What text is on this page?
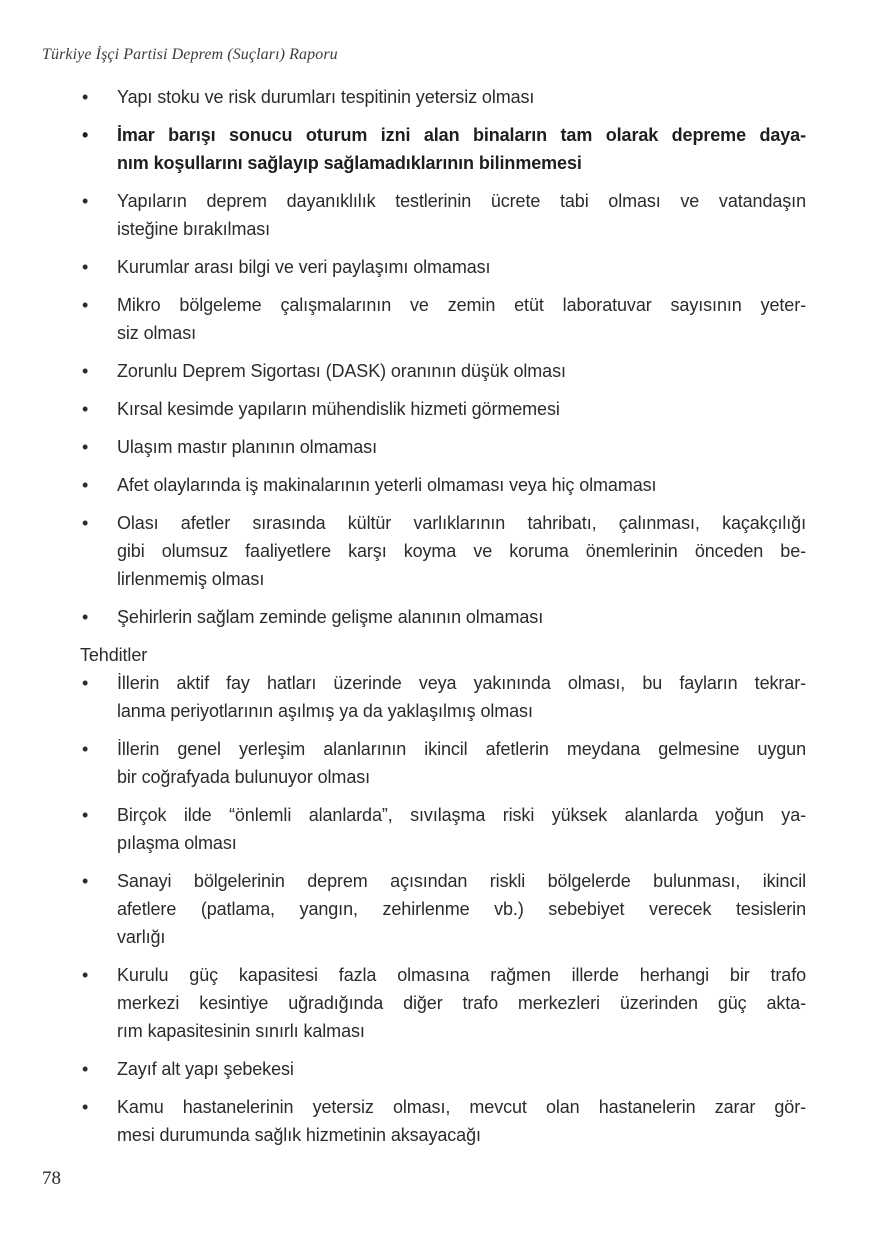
Türkiye İşçi Partisi Deprem (Suçları) Raporu
•	Yapı stoku ve risk durumları tespitinin yetersiz olması
•	İmar barışı sonucu oturum izni alan binaların tam olarak depreme daya-
nım koşullarını sağlayıp sağlamadıklarının bilinmemesi
•	Yapıların deprem dayanıklılık testlerinin ücrete tabi olması ve vatandaşın
isteğine bırakılması
•	Kurumlar arası bilgi ve veri paylaşımı olmaması
•	Mikro bölgeleme çalışmalarının ve zemin etüt laboratuvar sayısının yeter-
siz olması
•	Zorunlu Deprem Sigortası (DASK) oranının düşük olması
•	Kırsal kesimde yapıların mühendislik hizmeti görmemesi
•	Ulaşım mastır planının olmaması
•	Afet olaylarında iş makinalarının yeterli olmaması veya hiç olmaması
•	Olası afetler sırasında kültür varlıklarının tahribatı, çalınması, kaçakçılığı
gibi olumsuz faaliyetlere karşı koyma ve koruma önemlerinin önceden be-
lirlenmemiş olması
•	Şehirlerin sağlam zeminde gelişme alanının olmaması
Tehditler
•	İllerin aktif fay hatları üzerinde veya yakınında olması, bu fayların tekrar-
lanma periyotlarının aşılmış ya da yaklaşılmış olması
•	İllerin genel yerleşim alanlarının ikincil afetlerin meydana gelmesine uygun
bir coğrafyada bulunuyor olması
•	Birçok ilde “önlemli alanlarda”, sıvılaşma riski yüksek alanlarda yoğun ya-
pılaşma olması
•	Sanayi bölgelerinin deprem açısından riskli bölgelerde bulunması, ikincil
afetlere (patlama, yangın, zehirlenme vb.) sebebiyet verecek tesislerin
varlığı
•	Kurulu güç kapasitesi fazla olmasına rağmen illerde herhangi bir trafo
merkezi kesintiye uğradığında diğer trafo merkezleri üzerinden güç akta-
rım kapasitesinin sınırlı kalması
•	Zayıf alt yapı şebekesi
•	Kamu hastanelerinin yetersiz olması, mevcut olan hastanelerin zarar gör-
mesi durumunda sağlık hizmetinin aksayacağı
78
